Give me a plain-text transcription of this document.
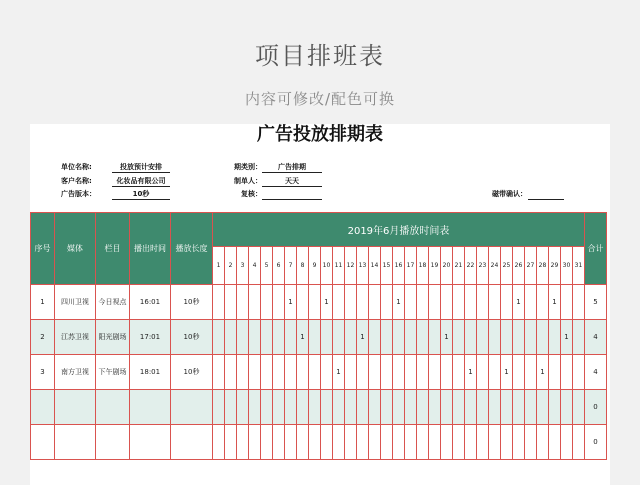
项目排班表
内容可修改/配色可换
广告投放排期表
单位名称:	投放预计安排	期类别：	广告排期
客户名称:	化妆品有限公司	制单人：	天天
广告版本：	10秒	复核：	磁带确认：
序号	媒体	栏目	播出时间	播放长度	2019年6月播放时间表																															合计
					1	2	3	4	5	6	7	8	9	10	11	12	13	14	15	16	17	18	19	20	21	22	23	24	25	26	27	28	29	30	31	
1	四川卫视	今日视点	16:01	10秒							1			1						1										1			1			5
2	江苏卫视	阳光剧场	17:01	10秒								1					1							1										1		4
3	南方卫视	下午剧场	18:01	10秒											1											1			1			1				4
																																				0
																																				0
